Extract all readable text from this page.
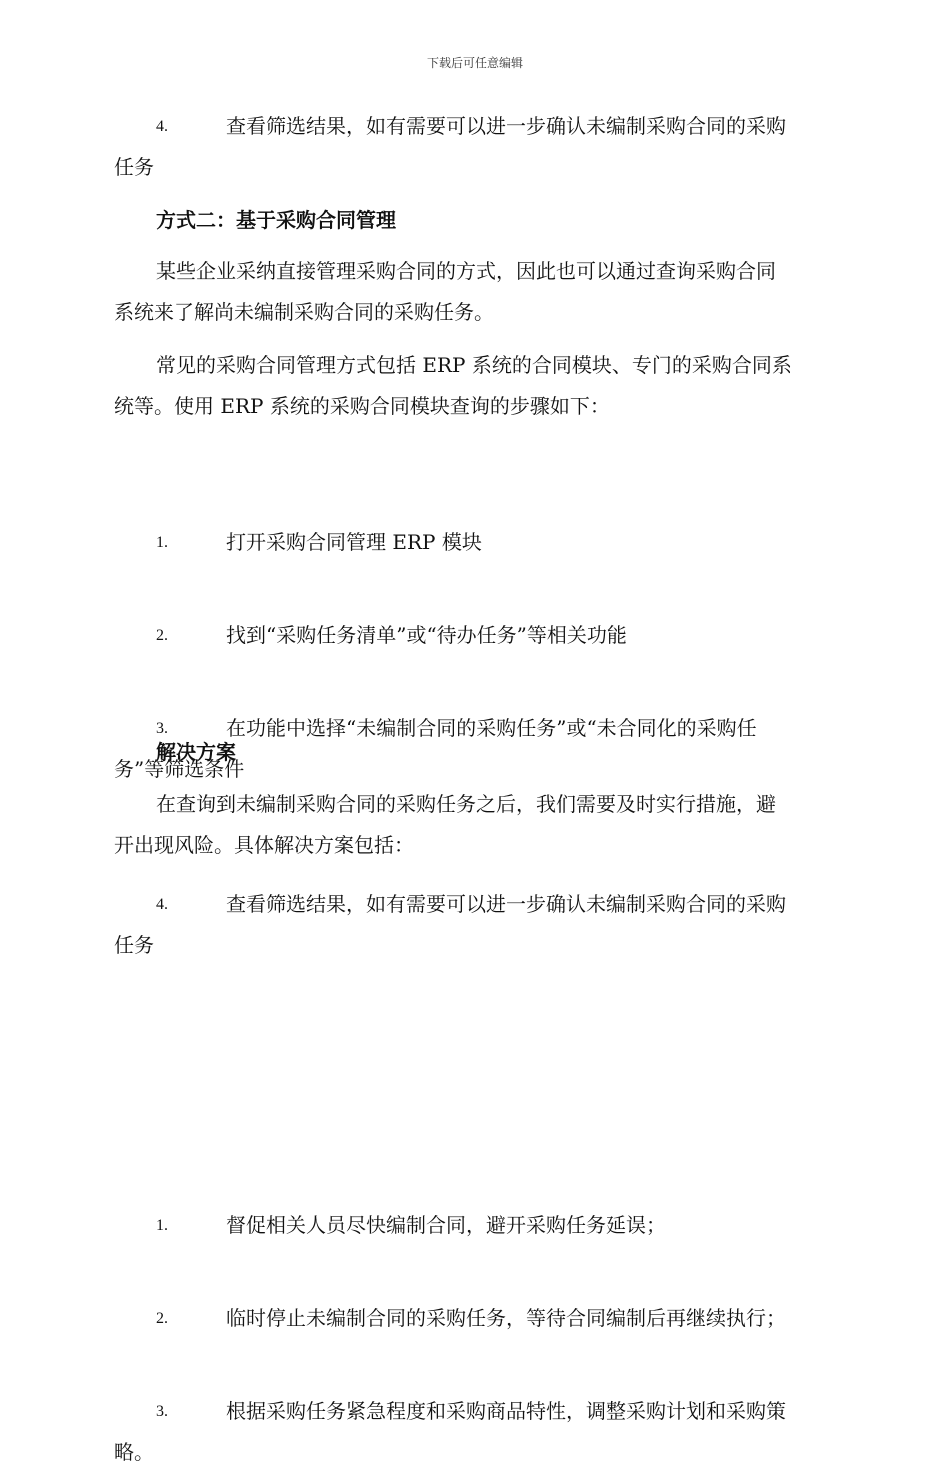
下载后可任意编辑
4.	查看筛选结果，如有需要可以进一步确认未编制采购合同的采购
任务
方式二：基于采购合同管理
某些企业采纳直接管理采购合同的方式，因此也可以通过查询采购合同
系统来了解尚未编制采购合同的采购任务。
常见的采购合同管理方式包括 ERP 系统的合同模块、专门的采购合同系
统等。使用 ERP 系统的采购合同模块查询的步骤如下：
1.	打开采购合同管理 ERP 模块
2.	找到“采购任务清单”或“待办任务”等相关功能
3.	在功能中选择“未编制合同的采购任务”或“未合同化的采购任
务”等筛选条件
4.	查看筛选结果，如有需要可以进一步确认未编制采购合同的采购
任务
解决方案
在查询到未编制采购合同的采购任务之后，我们需要及时实行措施，避
开出现风险。具体解决方案包括：
1.	督促相关人员尽快编制合同，避开采购任务延误；
2.	临时停止未编制合同的采购任务，等待合同编制后再继续执行；
3.	根据采购任务紧急程度和采购商品特性，调整采购计划和采购策
略。
